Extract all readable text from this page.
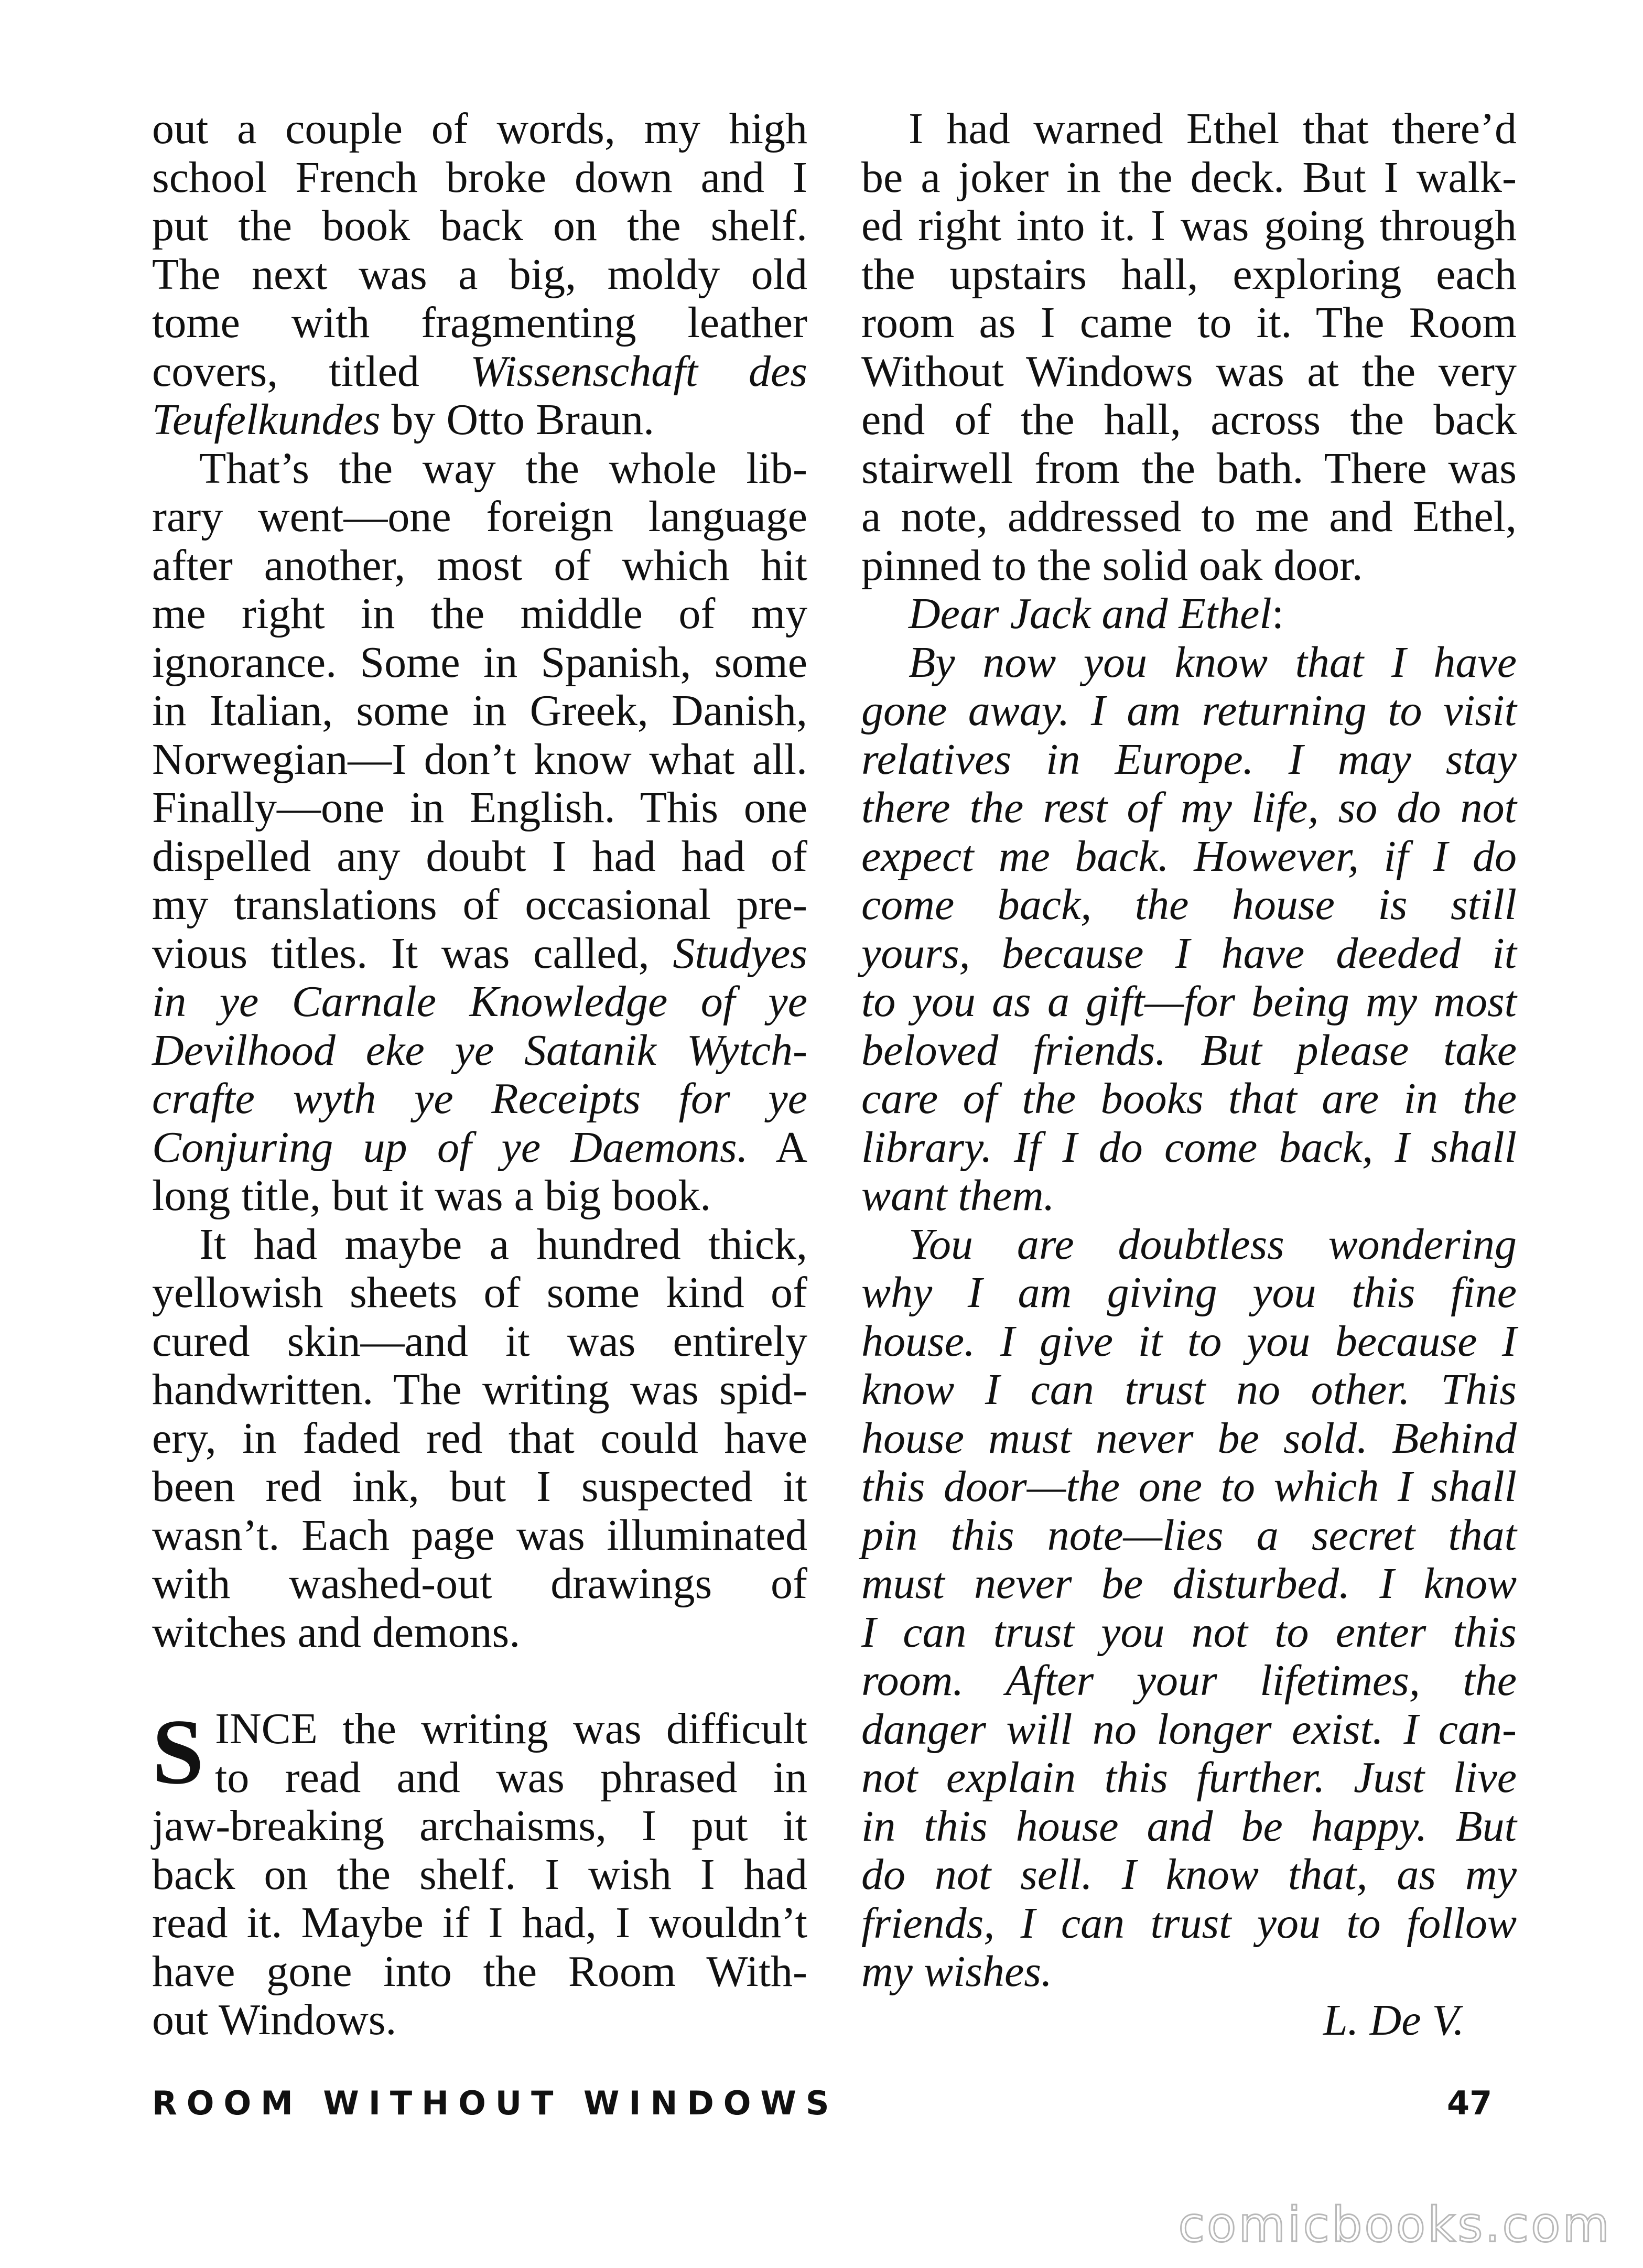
out a couple of words, my high
school French broke down and I
put the book back on the shelf.
The next was a big, moldy old
tome with fragmenting leather
covers, titled Wissenschaft des
Teufelkundes by Otto Braun.
That’s the way the whole lib-
rary went—one foreign language
after another, most of which hit
me right in the middle of my
ignorance. Some in Spanish, some
in Italian, some in Greek, Danish,
Norwegian—I don’t know what all.
Finally—one in English. This one
dispelled any doubt I had had of
my translations of occasional pre-
vious titles. It was called, Studyes
in ye Carnale Knowledge of ye
Devilhood eke ye Satanik Wytch-
crafte wyth ye Receipts for ye
Conjuring up of ye Daemons. A
long title, but it was a big book.
It had maybe a hundred thick,
yellowish sheets of some kind of
cured skin—and it was entirely
handwritten. The writing was spid-
ery, in faded red that could have
been red ink, but I suspected it
wasn’t. Each page was illuminated
with washed-out drawings of
witches and demons.
S INCE the writing was difficult
to read and was phrased in
jaw-breaking archaisms, I put it
back on the shelf. I wish I had
read it. Maybe if I had, I wouldn’t
have gone into the Room With-
out Windows.
I had warned Ethel that there’d
be a joker in the deck. But I walk-
ed right into it. I was going through
the upstairs hall, exploring each
room as I came to it. The Room
Without Windows was at the very
end of the hall, across the back
stairwell from the bath. There was
a note, addressed to me and Ethel,
pinned to the solid oak door.
Dear Jack and Ethel:
By now you know that I have
gone away. I am returning to visit
relatives in Europe. I may stay
there the rest of my life, so do not
expect me back. However, if I do
come back, the house is still
yours, because I have deeded it
to you as a gift—for being my most
beloved friends. But please take
care of the books that are in the
library. If I do come back, I shall
want them.
You are doubtless wondering
why I am giving you this fine
house. I give it to you because I
know I can trust no other. This
house must never be sold. Behind
this door—the one to which I shall
pin this note—lies a secret that
must never be disturbed. I know
I can trust you not to enter this
room. After your lifetimes, the
danger will no longer exist. I can-
not explain this further. Just live
in this house and be happy. But
do not sell. I know that, as my
friends, I can trust you to follow
my wishes.
L. De V.
ROOM WITHOUT WINDOWS	47
comicbooks.com
